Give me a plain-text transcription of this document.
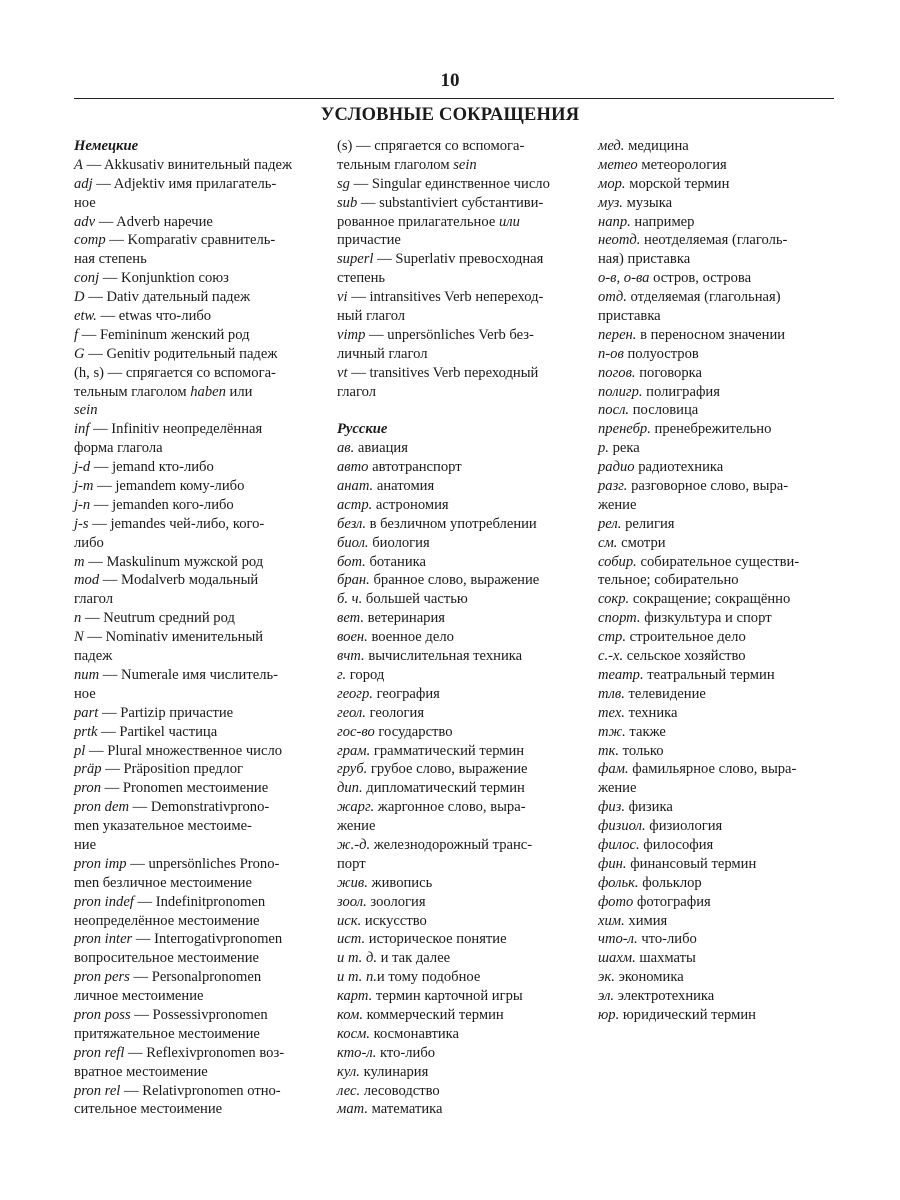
10
УСЛОВНЫЕ СОКРАЩЕНИЯ
Немецкие
A — Akkusativ винительный падеж
adj — Adjektiv имя прилагатель-
ное
adv — Adverb наречие
comp — Komparativ сравнитель-
ная степень
conj — Konjunktion союз
D — Dativ дательный падеж
etw. — etwas что-либо
f — Femininum женский род
G — Genitiv родительный падеж
(h, s) — спрягается со вспомога-
тельным глаголом haben или
sein
inf — Infinitiv неопределённая
форма глагола
j-d — jemand кто-либо
j-m — jemandem кому-либо
j-n — jemanden кого-либо
j-s — jemandes чей-либо, кого-
либо
m — Maskulinum мужской род
mod — Modalverb модальный
глагол
n — Neutrum средний род
N — Nominativ именительный
падеж
num — Numerale имя числитель-
ное
part — Partizip причастие
prtk — Partikel частица
pl — Plural множественное число
präp — Präposition предлог
pron — Pronomen местоимение
pron dem — Demonstrativprono-
men указательное местоиме-
ние
pron imp — unpersönliches Prono-
men безличное местоимение
pron indef — Indefinitpronomen
неопределённое местоимение
pron inter — Interrogativpronomen
вопросительное местоимение
pron pers — Personalpronomen
личное местоимение
pron poss — Possessivpronomen
притяжательное местоимение
pron refl — Reflexivpronomen воз-
вратное местоимение
pron rel — Relativpronomen отно-
сительное местоимение
(s) — спрягается со вспомога-
тельным глаголом sein
sg — Singular единственное число
sub — substantiviert субстантиви-
рованное прилагательное или
причастие
superl — Superlativ превосходная
степень
vi — intransitives Verb непереход-
ный глагол
vimp — unpersönliches Verb без-
личный глагол
vt — transitives Verb переходный
глагол
Русские
ав. авиация
авто автотранспорт
анат. анатомия
астр. астрономия
безл. в безличном употреблении
биол. биология
бот. ботаника
бран. бранное слово, выражение
б. ч. большей частью
вет. ветеринария
воен. военное дело
вчт. вычислительная техника
г. город
геогр. география
геол. геология
гос-во государство
грам. грамматический термин
груб. грубое слово, выражение
дип. дипломатический термин
жарг. жаргонное слово, выра-
жение
ж.-д. железнодорожный транс-
порт
жив. живопись
зоол. зоология
иск. искусство
ист. историческое понятие
и т. д. и так далее
и т. п.и тому подобное
карт. термин карточной игры
ком. коммерческий термин
косм. космонавтика
кто-л. кто-либо
кул. кулинария
лес. лесоводство
мат. математика
мед. медицина
метео метеорология
мор. морской термин
муз. музыка
напр. например
неотд. неотделяемая (глаголь-
ная) приставка
о-в, о-ва остров, острова
отд. отделяемая (глагольная)
приставка
перен. в переносном значении
п-ов полуостров
погов. поговорка
полигр. полиграфия
посл. пословица
пренебр. пренебрежительно
р. река
радио радиотехника
разг. разговорное слово, выра-
жение
рел. религия
см. смотри
собир. собирательное существи-
тельное; собирательно
сокр. сокращение; сокращённо
спорт. физкультура и спорт
стр. строительное дело
с.-х. сельское хозяйство
театр. театральный термин
тлв. телевидение
тех. техника
тж. также
тк. только
фам. фамильярное слово, выра-
жение
физ. физика
физиол. физиология
филос. философия
фин. финансовый термин
фольк. фольклор
фото фотография
хим. химия
что-л. что-либо
шахм. шахматы
эк. экономика
эл. электротехника
юр. юридический термин
